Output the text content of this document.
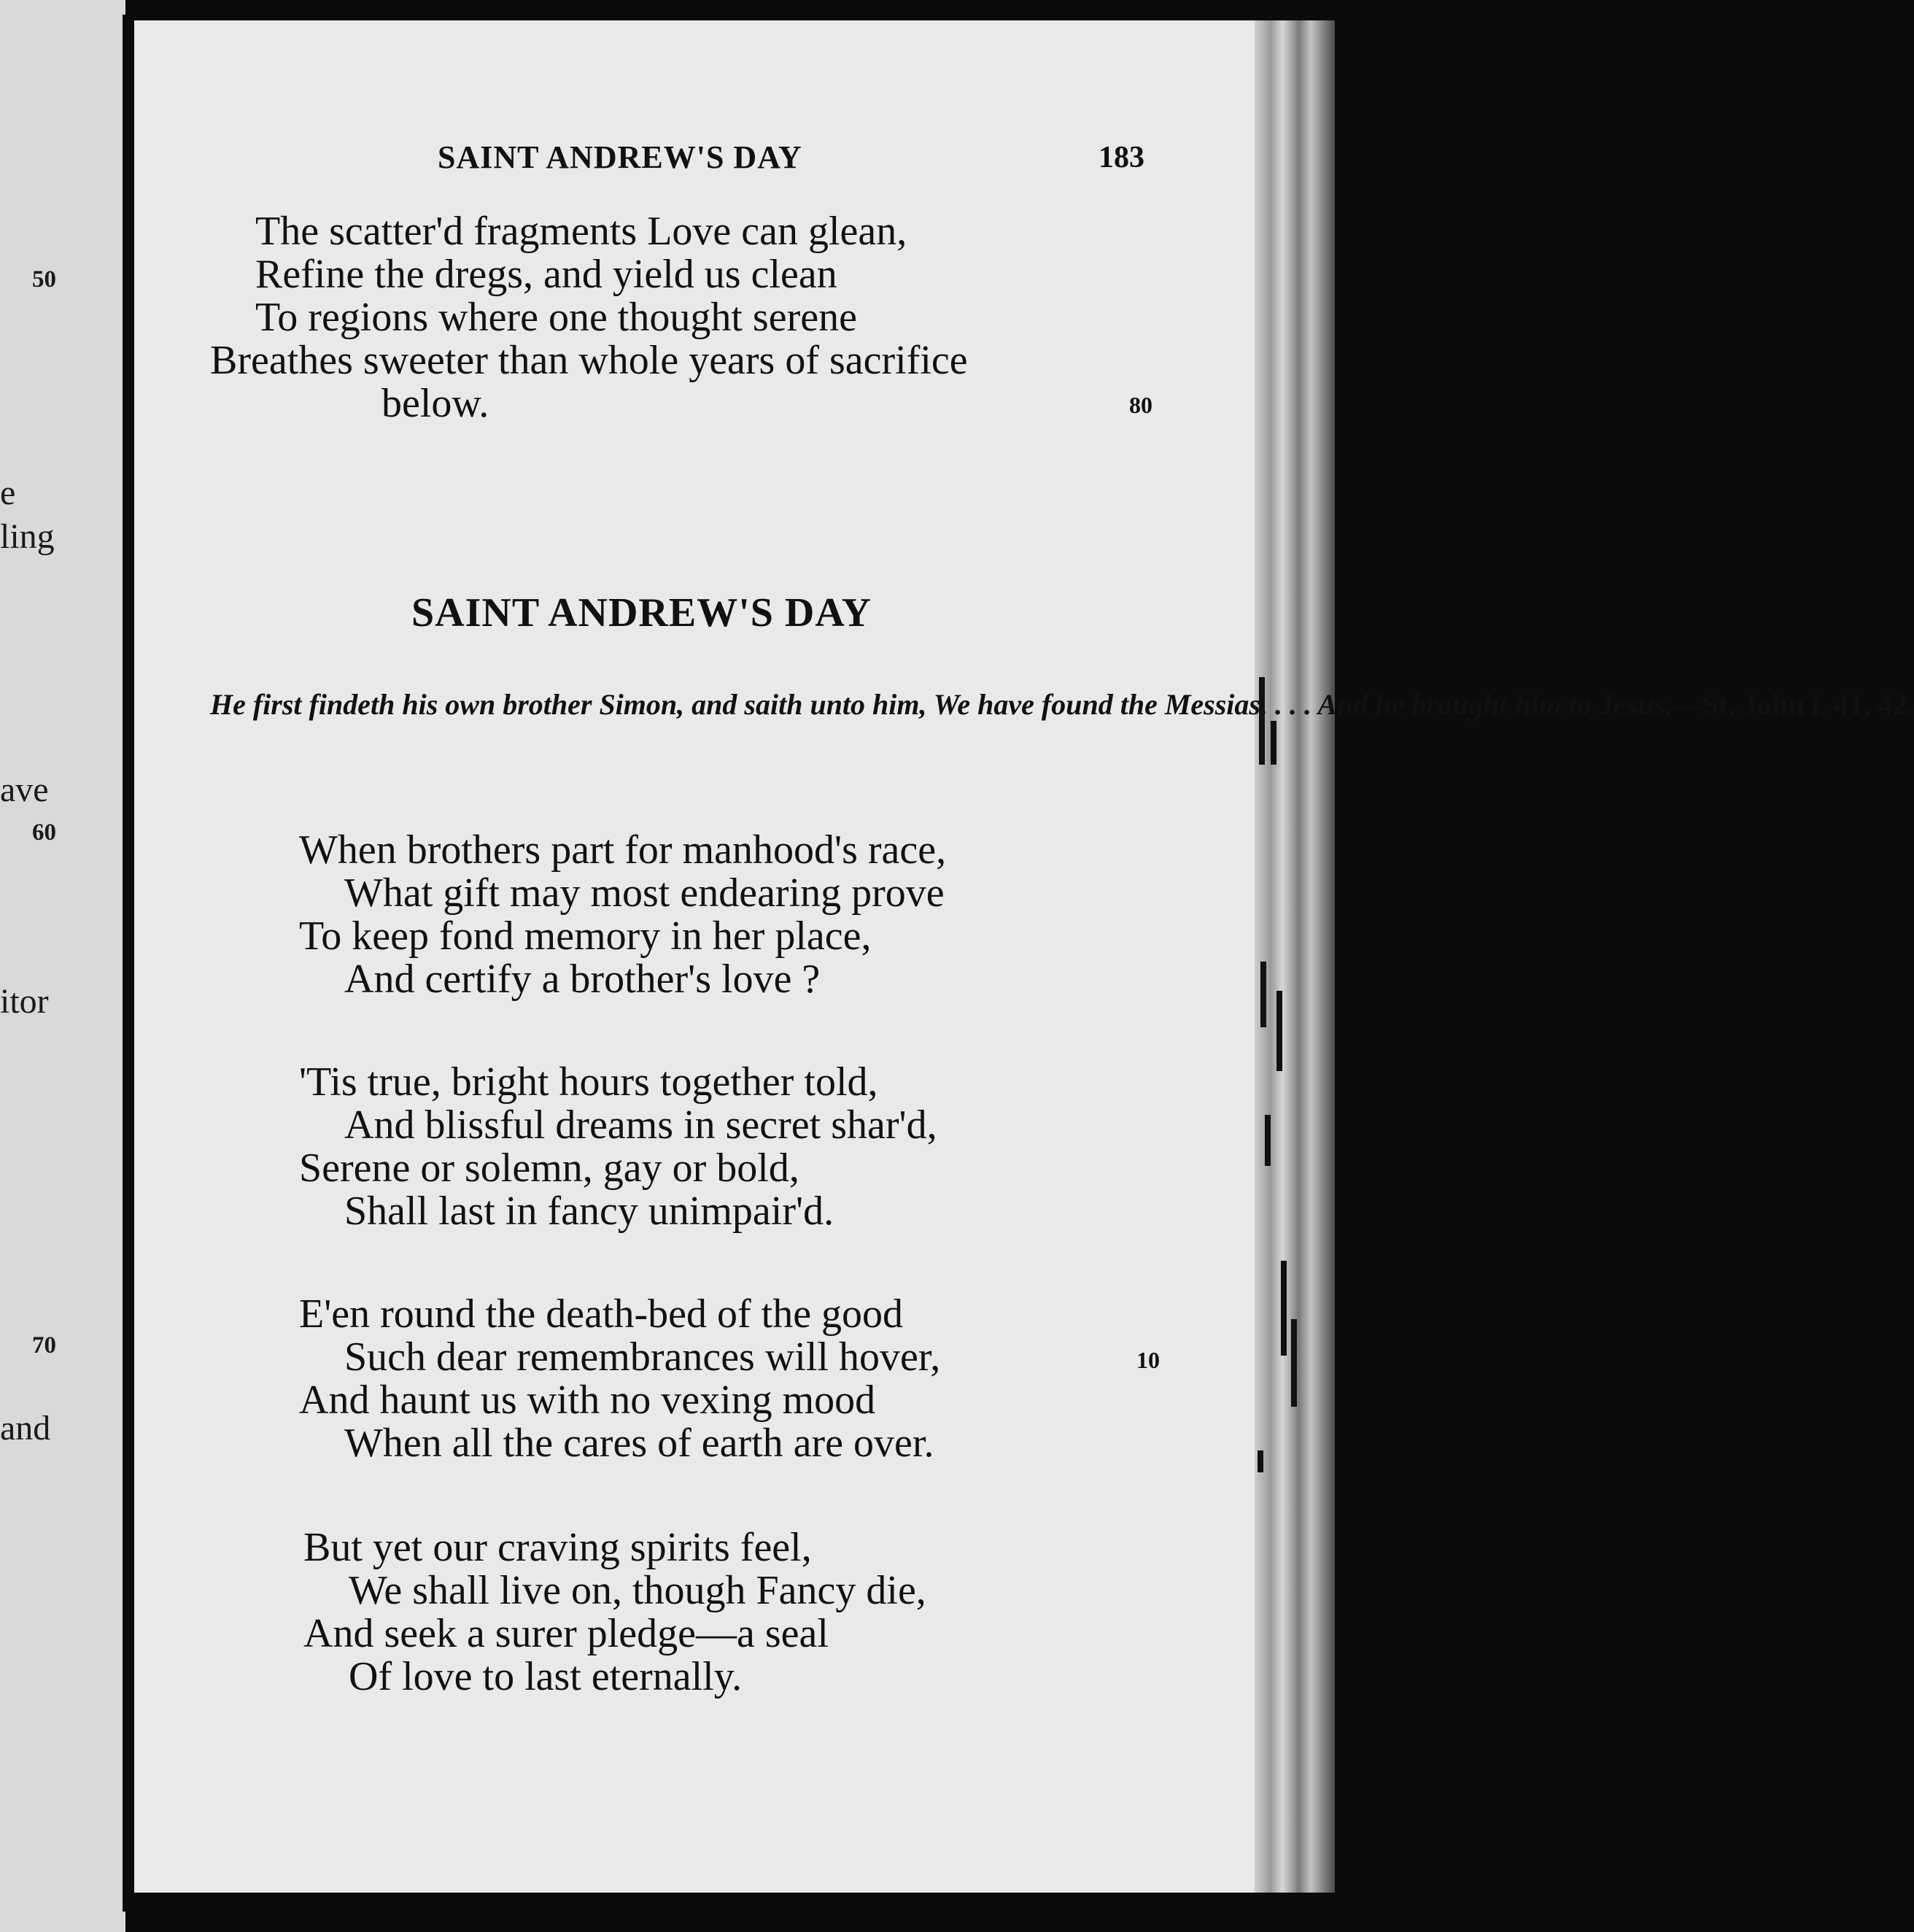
50
e
ling
ave
60
itor
70
and
SAINT ANDREW'S DAY	183
The scatter'd fragments Love can glean,
Refine the dregs, and yield us clean
To regions where one thought serene
Breathes sweeter than whole years of sacrifice
below.	80
SAINT ANDREW'S DAY
He first findeth his own brother Simon, and saith unto him, We have found the Messias. . . . And he brought him to Jesus.—St. John i. 41, 42.
When brothers part for manhood's race,
What gift may most endearing prove
To keep fond memory in her place,
And certify a brother's love ?
'Tis true, bright hours together told,
And blissful dreams in secret shar'd,
Serene or solemn, gay or bold,
Shall last in fancy unimpair'd.
E'en round the death-bed of the good
Such dear remembrances will hover,
And haunt us with no vexing mood
When all the cares of earth are over.
10
But yet our craving spirits feel,
We shall live on, though Fancy die,
And seek a surer pledge—a seal
Of love to last eternally.
